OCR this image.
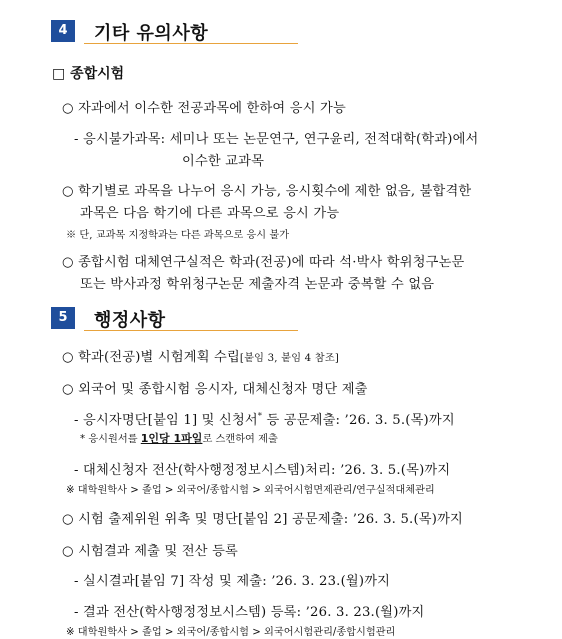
4	기타 유의사항
□ 종합시험
○ 자과에서 이수한 전공과목에 한하여 응시 가능
- 응시불가과목: 세미나 또는 논문연구, 연구윤리, 전적대학(학과)에서
이수한 교과목
○ 학기별로 과목을 나누어 응시 가능, 응시횟수에 제한 없음, 불합격한
과목은 다음 학기에 다른 과목으로 응시 가능
※ 단, 교과목 지정학과는 다른 과목으로 응시 불가
○ 종합시험 대체연구실적은 학과(전공)에 따라 석·박사 학위청구논문
또는 박사과정 학위청구논문 제출자격 논문과 중복할 수 없음
5	행정사항
○ 학과(전공)별 시험계획 수립[붙임 3, 붙임 4 참조]
○ 외국어 및 종합시험 응시자, 대체신청자 명단 제출
- 응시자명단[붙임 1] 및 신청서* 등 공문제출: ’26. 3. 5.(목)까지
* 응시원서를 1인당 1파일로 스캔하여 제출
- 대체신청자 전산(학사행정정보시스템)처리: ’26. 3. 5.(목)까지
※ 대학원학사 > 졸업 > 외국어/종합시험 > 외국어시험면제관리/연구실적대체관리
○ 시험 출제위원 위촉 및 명단[붙임 2] 공문제출: ’26. 3. 5.(목)까지
○ 시험결과 제출 및 전산 등록
- 실시결과[붙임 7] 작성 및 제출: ’26. 3. 23.(월)까지
- 결과 전산(학사행정정보시스템) 등록: ’26. 3. 23.(월)까지
※ 대학원학사 > 졸업 > 외국어/종합시험 > 외국어시험관리/종합시험관리
